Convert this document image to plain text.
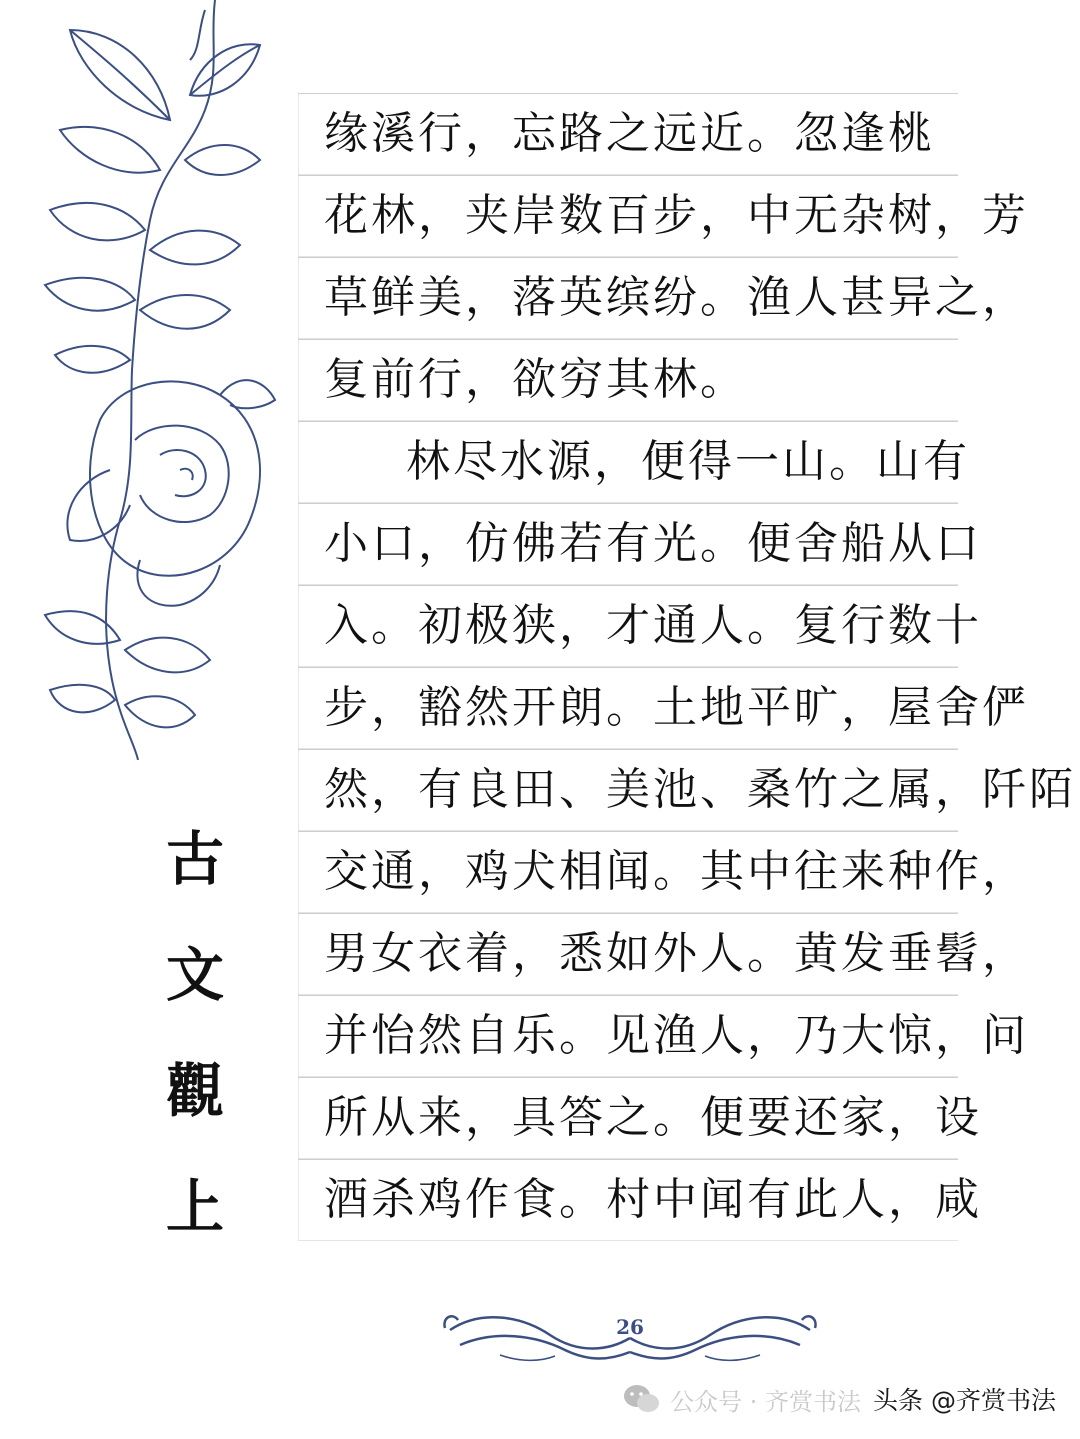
古
文
觀
上
缘溪行，忘路之远近。忽逢桃
花林，夹岸数百步，中无杂树，芳
草鲜美，落英缤纷。渔人甚异之，
复前行，欲穷其林。
林尽水源，便得一山。山有
小口，仿佛若有光。便舍船从口
入。初极狭，才通人。复行数十
步，豁然开朗。土地平旷，屋舍俨
然，有良田、美池、桑竹之属，阡陌
交通，鸡犬相闻。其中往来种作，
男女衣着，悉如外人。黄发垂髫，
并怡然自乐。见渔人，乃大惊，问
所从来，具答之。便要还家，设
酒杀鸡作食。村中闻有此人，咸
26
公众号 · 齐赏书法 头条 @齐赏书法
